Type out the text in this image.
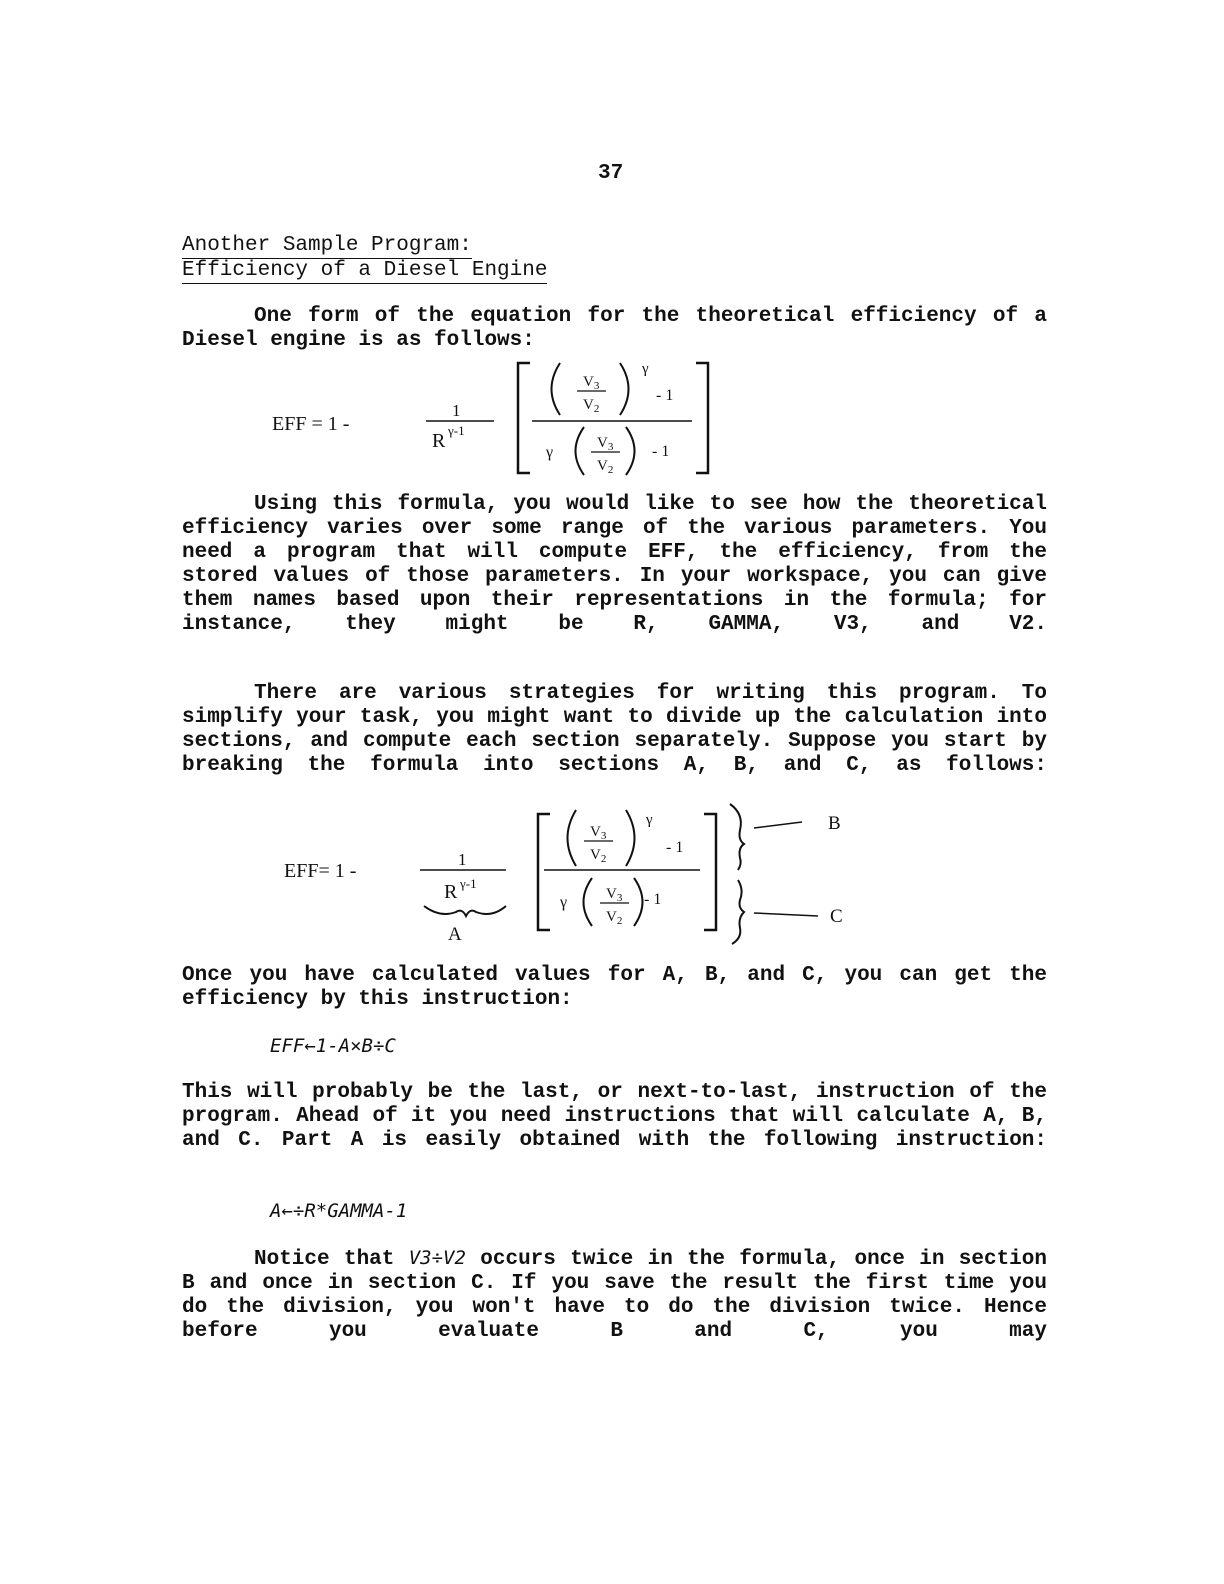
37
Another Sample Program:
Efficiency of a Diesel Engine
One form of the equation for the theoretical efficiency of a Diesel engine is as follows:
EFF = 1 -
1
R γ-1
$V_3$
$V_2$
γ
- 1
γ
$V_3$
$V_2$
- 1
Using this formula, you would like to see how the theoretical efficiency varies over some range of the various parameters. You need a program that will compute EFF, the efficiency, from the stored values of those parameters. In your workspace, you can give them names based upon their representations in the formula; for instance, they might be R, GAMMA, V3, and V2.
There are various strategies for writing this program. To simplify your task, you might want to divide up the calculation into sections, and compute each section separately. Suppose you start by breaking the formula into sections A, B, and C, as follows:
EFF= 1 -
1
R γ-1
A
$V_3$
$V_2$
γ
- 1
γ	$V_3$
$V_2$
- 1
B
C
Once you have calculated values for A, B, and C, you can get the efficiency by this instruction:
EFF←1-A×B÷C
This will probably be the last, or next-to-last, instruction of the program. Ahead of it you need instructions that will calculate A, B, and C. Part A is easily obtained with the following instruction:
A←÷R*GAMMA-1
Notice that V3÷V2 occurs twice in the formula, once in section B and once in section C. If you save the result the first time you do the division, you won't have to do the division twice. Hence before you evaluate B and C, you may
